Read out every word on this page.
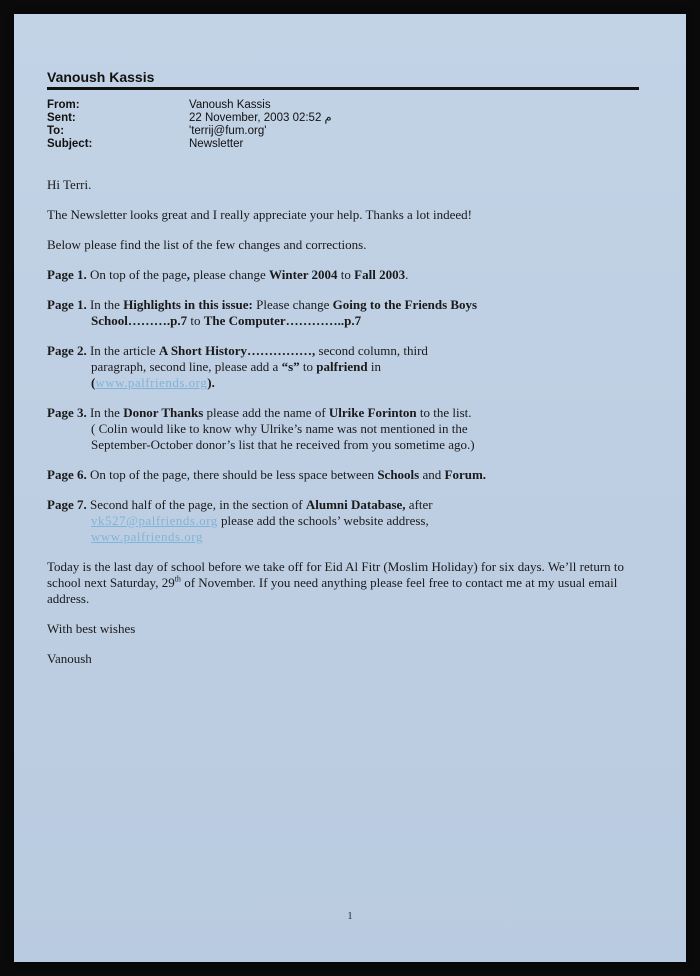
Vanoush Kassis
From:	Vanoush Kassis
Sent:	22 November, 2003 02:52 م
To:	'terrij@fum.org'
Subject:	Newsletter

Hi Terri.

The Newsletter looks great and I really appreciate your help. Thanks a lot indeed!

Below please find the list of the few changes and corrections.

Page 1. On top of the page, please change Winter 2004 to Fall 2003.
Page 1. In the Highlights in this issue: Please change Going to the Friends Boys
School……….p.7 to The Computer…………..p.7
Page 2. In the article A Short History……………, second column, third
paragraph, second line, please add a “s” to palfriend in
(www.palfriends.org).
Page 3. In the Donor Thanks please add the name of Ulrike Forinton to the list.
( Colin would like to know why Ulrike’s name was not mentioned in the
September-October donor’s list that he received from you sometime ago.)
Page 6. On top of the page, there should be less space between Schools and Forum.
Page 7. Second half of the page, in the section of Alumni Database, after
vk527@palfriends.org please add the schools’ website address,
www.palfriends.org

Today is the last day of school before we take off for Eid Al Fitr (Moslim Holiday) for six days. We’ll return to school next Saturday, 29th of November. If you need anything please feel free to contact me at my usual email address.

With best wishes

Vanoush

1
